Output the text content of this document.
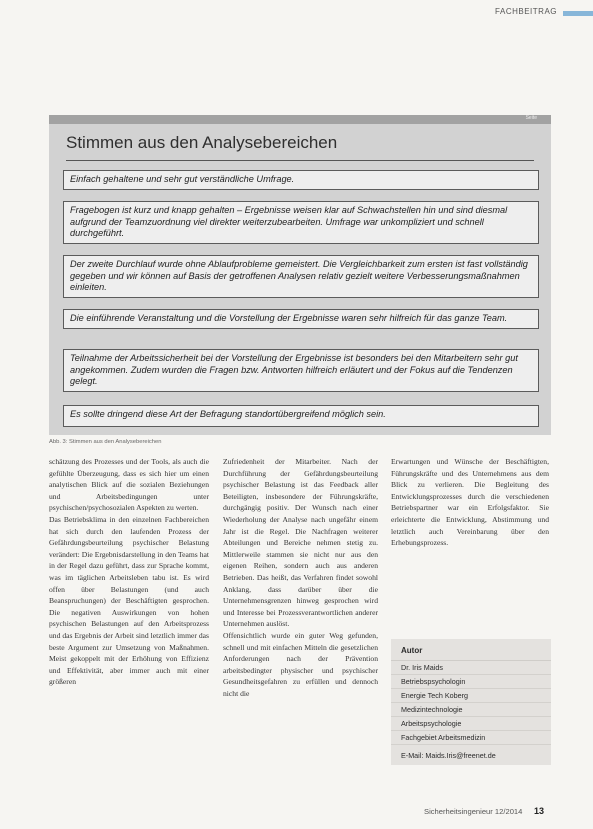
FACHBEITRAG
Seite
Stimmen aus den Analysebereichen
Einfach gehaltene und sehr gut verständliche Umfrage.
Fragebogen ist kurz und knapp gehalten – Ergebnisse weisen klar auf Schwachstellen hin und sind diesmal aufgrund der Teamzuordnung viel direkter weiterzubearbeiten. Umfrage war unkompliziert und schnell durchgeführt.
Der zweite Durchlauf wurde ohne Ablaufprobleme gemeistert. Die Vergleichbarkeit zum ersten ist fast vollständig gegeben und wir können auf Basis der getroffenen Analysen relativ gezielt weitere Verbesserungsmaßnahmen einleiten.
Die einführende Veranstaltung und die Vorstellung der Ergebnisse waren sehr hilfreich für das ganze Team.
Teilnahme der Arbeitssicherheit bei der Vorstellung der Ergebnisse ist besonders bei den Mitarbeitern sehr gut angekommen. Zudem wurden die Fragen bzw. Antworten hilfreich erläutert und der Fokus auf die Tendenzen gelegt.
Es sollte dringend diese Art der Befragung standortübergreifend möglich sein.
Abb. 3: Stimmen aus den Analysebereichen

schätzung des Prozesses und der Tools, als auch die gefühlte Überzeugung, dass es sich hier um einen analytischen Blick auf die sozialen Beziehungen und Arbeitsbedingungen unter psychischen/psychosozialen Aspekten zu werten.

Das Betriebsklima in den einzelnen Fachbereichen hat sich durch den laufenden Prozess der Gefährdungsbeurteilung psychischer Belastung verändert: Die Ergebnisdarstellung in den Teams hat in der Regel dazu geführt, dass zur Sprache kommt, was im täglichen Arbeitsleben tabu ist. Es wird offen über Belastungen (und auch Beanspruchungen) der Beschäftigten gesprochen. Die negativen Auswirkungen von hohen psychischen Belastungen auf den Arbeitsprozess und das Ergebnis der Arbeit sind letztlich immer das beste Argument zur Umsetzung von Maßnahmen. Meist gekoppelt mit der Erhöhung von Effizienz und Effektivität, aber immer auch mit einer größeren

Zufriedenheit der Mitarbeiter. Nach der Durchführung der Gefährdungsbeurteilung psychischer Belastung ist das Feedback aller Beteiligten, insbesondere der Führungskräfte, durchgängig positiv. Der Wunsch nach einer Wiederholung der Analyse nach ungefähr einem Jahr ist die Regel. Die Nachfragen weiterer Abteilungen und Bereiche nehmen stetig zu. Mittlerweile stammen sie nicht nur aus den eigenen Reihen, sondern auch aus anderen Betrieben. Das heißt, das Verfahren findet sowohl Anklang, dass darüber über die Unternehmensgrenzen hinweg gesprochen wird und Interesse bei Prozessverantwortlichen anderer Unternehmen auslöst.

Offensichtlich wurde ein guter Weg gefunden, schnell und mit einfachen Mitteln die gesetzlichen Anforderungen nach der Prävention arbeitsbedingter physischer und psychischer Gesundheitsgefahren zu erfüllen und dennoch nicht die

Erwartungen und Wünsche der Beschäftigten, Führungskräfte und des Unternehmens aus dem Blick zu verlieren. Die Begleitung des Entwicklungsprozesses durch die verschiedenen Betriebspartner war ein Erfolgsfaktor. Sie erleichterte die Entwicklung, Abstimmung und letztlich auch Vereinbarung über den Erhebungsprozess.

Autor
Dr. Iris Maids
Betriebspsychologin
Energie Tech Koberg
Medizintechnologie
Arbeitspsychologie
Fachgebiet Arbeitsmedizin
E-Mail: Maids.Iris@freenet.de
Sicherheitsingenieur 12/2014 13
